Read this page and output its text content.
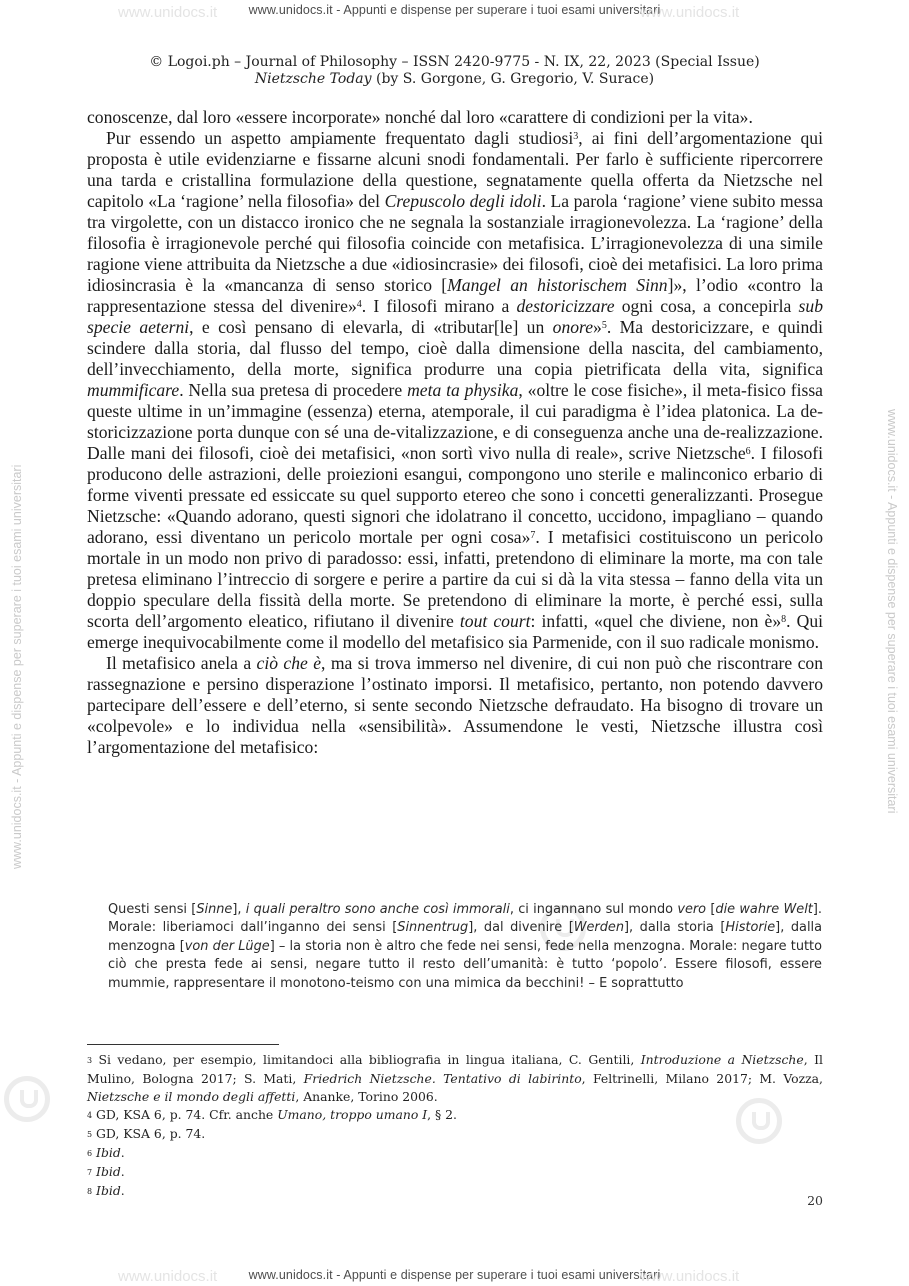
www.unidocs.it - Appunti e dispense per superare i tuoi esami universitari
www.unidocs.it - Appunti e dispense per superare i tuoi esami universitari
www.unidocs.it	www.unidocs.it
www.unidocs.it	www.unidocs.it
www.unidocs.it - Appunti e dispense per superare i tuoi esami universitari	www.unidocs.it - Appunti e dispense per superare i tuoi esami universitari
© Logoi.ph – Journal of Philosophy – ISSN 2420-9775 - N. IX, 22, 2023 (Special Issue)
Nietzsche Today (by S. Gorgone, G. Gregorio, V. Surace)

conoscenze, dal loro «essere incorporate» nonché dal loro «carattere di condizioni per la vita».

Pur essendo un aspetto ampiamente frequentato dagli studiosi$^3$, ai fini dell’argomentazione qui proposta è utile evidenziarne e fissarne alcuni snodi fondamentali. Per farlo è sufficiente ripercorrere una tarda e cristallina formulazione della questione, segnatamente quella offerta da Nietzsche nel capitolo «La ‘ragione’ nella filosofia» del Crepuscolo degli idoli. La parola ‘ragione’ viene subito messa tra virgolette, con un distacco ironico che ne segnala la sostanziale irragionevolezza. La ‘ragione’ della filosofia è irragionevole perché qui filosofia coincide con metafisica. L’irragionevolezza di una simile ragione viene attribuita da Nietzsche a due «idiosincrasie» dei filosofi, cioè dei metafisici. La loro prima idiosincrasia è la «mancanza di senso storico [Mangel an historischem Sinn]», l’odio «contro la rappresentazione stessa del divenire»$^4$. I filosofi mirano a destoricizzare ogni cosa, a concepirla sub specie aeterni, e così pensano di elevarla, di «tributar[le] un onore»$^5$. Ma destoricizzare, e quindi scindere dalla storia, dal flusso del tempo, cioè dalla dimensione della nascita, del cambiamento, dell’invecchiamento, della morte, significa produrre una copia pietrificata della vita, significa mummificare. Nella sua pretesa di procedere meta ta physika, «oltre le cose fisiche», il meta-fisico fissa queste ultime in un’immagine (essenza) eterna, atemporale, il cui paradigma è l’idea platonica. La de-storicizzazione porta dunque con sé una de-vitalizzazione, e di conseguenza anche una de-realizzazione. Dalle mani dei filosofi, cioè dei metafisici, «non sortì vivo nulla di reale», scrive Nietzsche$^6$. I filosofi producono delle astrazioni, delle proiezioni esangui, compongono uno sterile e malinconico erbario di forme viventi pressate ed essiccate su quel supporto etereo che sono i concetti generalizzanti. Prosegue Nietzsche: «Quando adorano, questi signori che idolatrano il concetto, uccidono, impagliano – quando adorano, essi diventano un pericolo mortale per ogni cosa»$^7$. I metafisici costituiscono un pericolo mortale in un modo non privo di paradosso: essi, infatti, pretendono di eliminare la morte, ma con tale pretesa eliminano l’intreccio di sorgere e perire a partire da cui si dà la vita stessa – fanno della vita un doppio speculare della fissità della morte. Se pretendono di eliminare la morte, è perché essi, sulla scorta dell’argomento eleatico, rifiutano il divenire tout court: infatti, «quel che diviene, non è»$^8$. Qui emerge inequivocabilmente come il modello del metafisico sia Parmenide, con il suo radicale monismo.

Il metafisico anela a ciò che è, ma si trova immerso nel divenire, di cui non può che riscontrare con rassegnazione e persino disperazione l’ostinato imporsi. Il metafisico, pertanto, non potendo davvero partecipare dell’essere e dell’eterno, si sente secondo Nietzsche defraudato. Ha bisogno di trovare un «colpevole» e lo individua nella «sensibilità». Assumendone le vesti, Nietzsche illustra così l’argomentazione del metafisico:

Questi sensi [Sinne], i quali peraltro sono anche così immorali, ci ingannano sul mondo vero [die wahre Welt]. Morale: liberiamoci dall’inganno dei sensi [Sinnentrug], dal divenire [Werden], dalla storia [Historie], dalla menzogna [von der Lüge] – la storia non è altro che fede nei sensi, fede nella menzogna. Morale: negare tutto ciò che presta fede ai sensi, negare tutto il resto dell’umanità: è tutto ‘popolo’. Essere filosofi, essere mummie, rappresentare il monotono-teismo con una mimica da becchini! – E soprattutto

$^3$ Si vedano, per esempio, limitandoci alla bibliografia in lingua italiana, C. Gentili, Introduzione a Nietzsche, Il Mulino, Bologna 2017; S. Mati, Friedrich Nietzsche. Tentativo di labirinto, Feltrinelli, Milano 2017; M. Vozza, Nietzsche e il mondo degli affetti, Ananke, Torino 2006.

$^4$ GD, KSA 6, p. 74. Cfr. anche Umano, troppo umano I, § 2.

$^5$ GD, KSA 6, p. 74.

$^6$ Ibid.

$^7$ Ibid.

$^8$ Ibid.

20
